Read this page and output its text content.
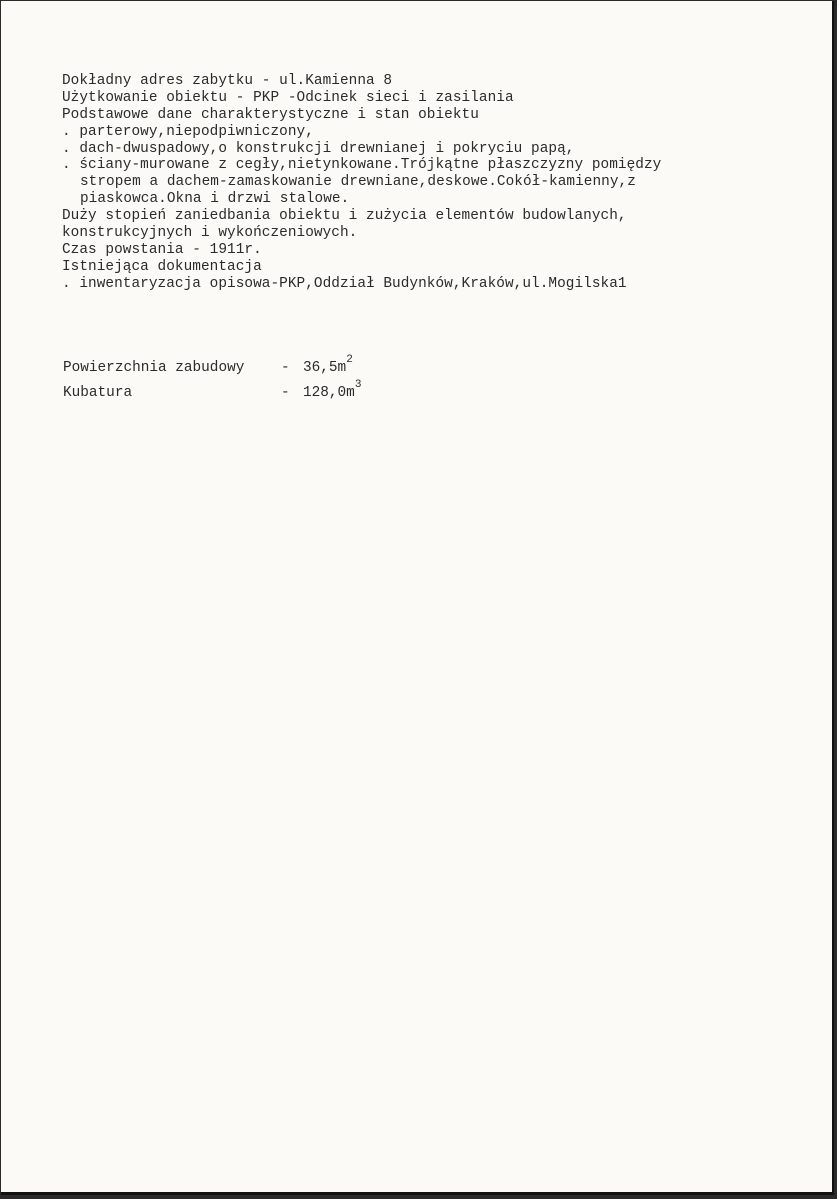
Dokładny adres zabytku - ul.Kamienna 8
Użytkowanie obiektu - PKP -Odcinek sieci i zasilania
Podstawowe dane charakterystyczne i stan obiektu
. parterowy,niepodpiwniczony,
. dach-dwuspadowy,o konstrukcji drewnianej i pokryciu papą,
. ściany-murowane z cegły,nietynkowane.Trójkątne płaszczyzny pomiędzy
stropem a dachem-zamaskowanie drewniane,deskowe.Cokół-kamienny,z
piaskowca.Okna i drzwi stalowe.
Duży stopień zaniedbania obiektu i zużycia elementów budowlanych,
konstrukcyjnych i wykończeniowych.
Czas powstania - 1911r.
Istniejąca dokumentacja
. inwentaryzacja opisowa-PKP,Oddział Budynków,Kraków,ul.Mogilska1
Powierzchnia zabudowy	- $36,5m^2$
Kubatura	- $128,0m^3$
